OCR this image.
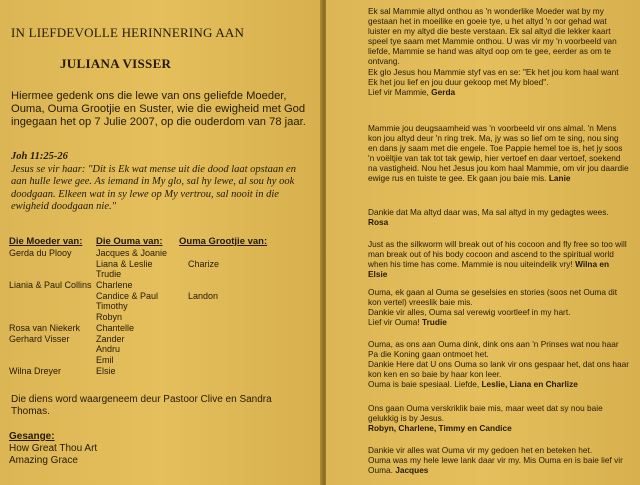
IN LIEFDEVOLLE HERINNERING AAN
JULIANA VISSER
Hiermee gedenk ons die lewe van ons geliefde Moeder, Ouma, Ouma Grootjie en Suster, wie die ewigheid met God ingegaan het op 7 Julie 2007, op die ouderdom van 78 jaar.
Joh 11:25-26
Jesus se vir haar: "Dit is Ek wat mense uit die dood laat opstaan en aan hulle lewe gee. As iemand in My glo, sal hy lewe, al sou hy ook doodgaan. Elkeen wat in sy lewe op My vertrou, sal nooit in die ewigheid doodgaan nie."
Die Moeder van: Die Ouma van: Ouma Grootjie van:
Gerda du Plooy
Liania & Paul Collins
Rosa van Niekerk
Gerhard Visser
Wilna Dreyer
Jacques & Joanie
Liana & Leslie
Trudie
Charlene
Candice & Paul
Timothy
Robyn
Chantelle
Zander
Andru
Emil
Elsie
Charize
Landon
Die diens word waargeneem deur Pastoor Clive en Sandra Thomas.
Gesange:
How Great Thou Art
Amazing Grace
Ek sal Mammie altyd onthou as 'n wonderlike Moeder wat by my gestaan het in moeilike en goeie tye, u het altyd 'n oor gehad wat luister en my altyd die beste verstaan. Ek sal altyd die lekker kaart speel tye saam met Mammie onthou. U was vir my 'n voorbeeld van liefde, Mammie se hand was altyd oop om te gee, eerder as om te ontvang.
Ek glo Jesus hou Mammie styf vas en se: "Ek het jou kom haal want Ek het jou lief en jou duur gekoop met My bloed".
Lief vir Mammie, Gerda
Mammie jou deugsaamheid was 'n voorbeeld vir ons almal. 'n Mens kon jou altyd deur 'n ring trek. Ma, jy was so lief om te sing, nou sing en dans jy saam met die engele. Toe Pappie hemel toe is, het jy soos 'n voëltjie van tak tot tak gewip, hier vertoef en daar vertoef, soekend na vastigheid. Nou het Jesus jou kom haal Mammie, om vir jou daardie ewige rus en tuiste te gee. Ek gaan jou baie mis. Lanie
Dankie dat Ma altyd daar was, Ma sal altyd in my gedagtes wees.
Rosa
Just as the silkworm will break out of his cocoon and fly free so too will man break out of his body cocoon and ascend to the spiritual world when his time has come. Mammie is nou uiteindelik vry! Wilna en Elsie
Ouma, ek gaan al Ouma se geselsies en stories (soos net Ouma dit kon vertel) vreeslik baie mis.
Dankie vir alles, Ouma sal verewig voortleef in my hart.
Lief vir Ouma! Trudie
Ouma, as ons aan Ouma dink, dink ons aan 'n Prinses wat nou haar Pa die Koning gaan ontmoet het.
Dankie Here dat U ons Ouma so lank vir ons gespaar het, dat ons haar kon ken en so baie by haar kon leer.
Ouma is baie spesiaal. Liefde, Leslie, Liana en Charlize
Ons gaan Ouma verskriklik baie mis, maar weet dat sy nou baie gelukkig is by Jesus.
Robyn, Charlene, Timmy en Candice
Dankie vir alles wat Ouma vir my gedoen het en beteken het.
Ouma was my hele lewe lank daar vir my. Mis Ouma en is baie lief vir Ouma. Jacques
